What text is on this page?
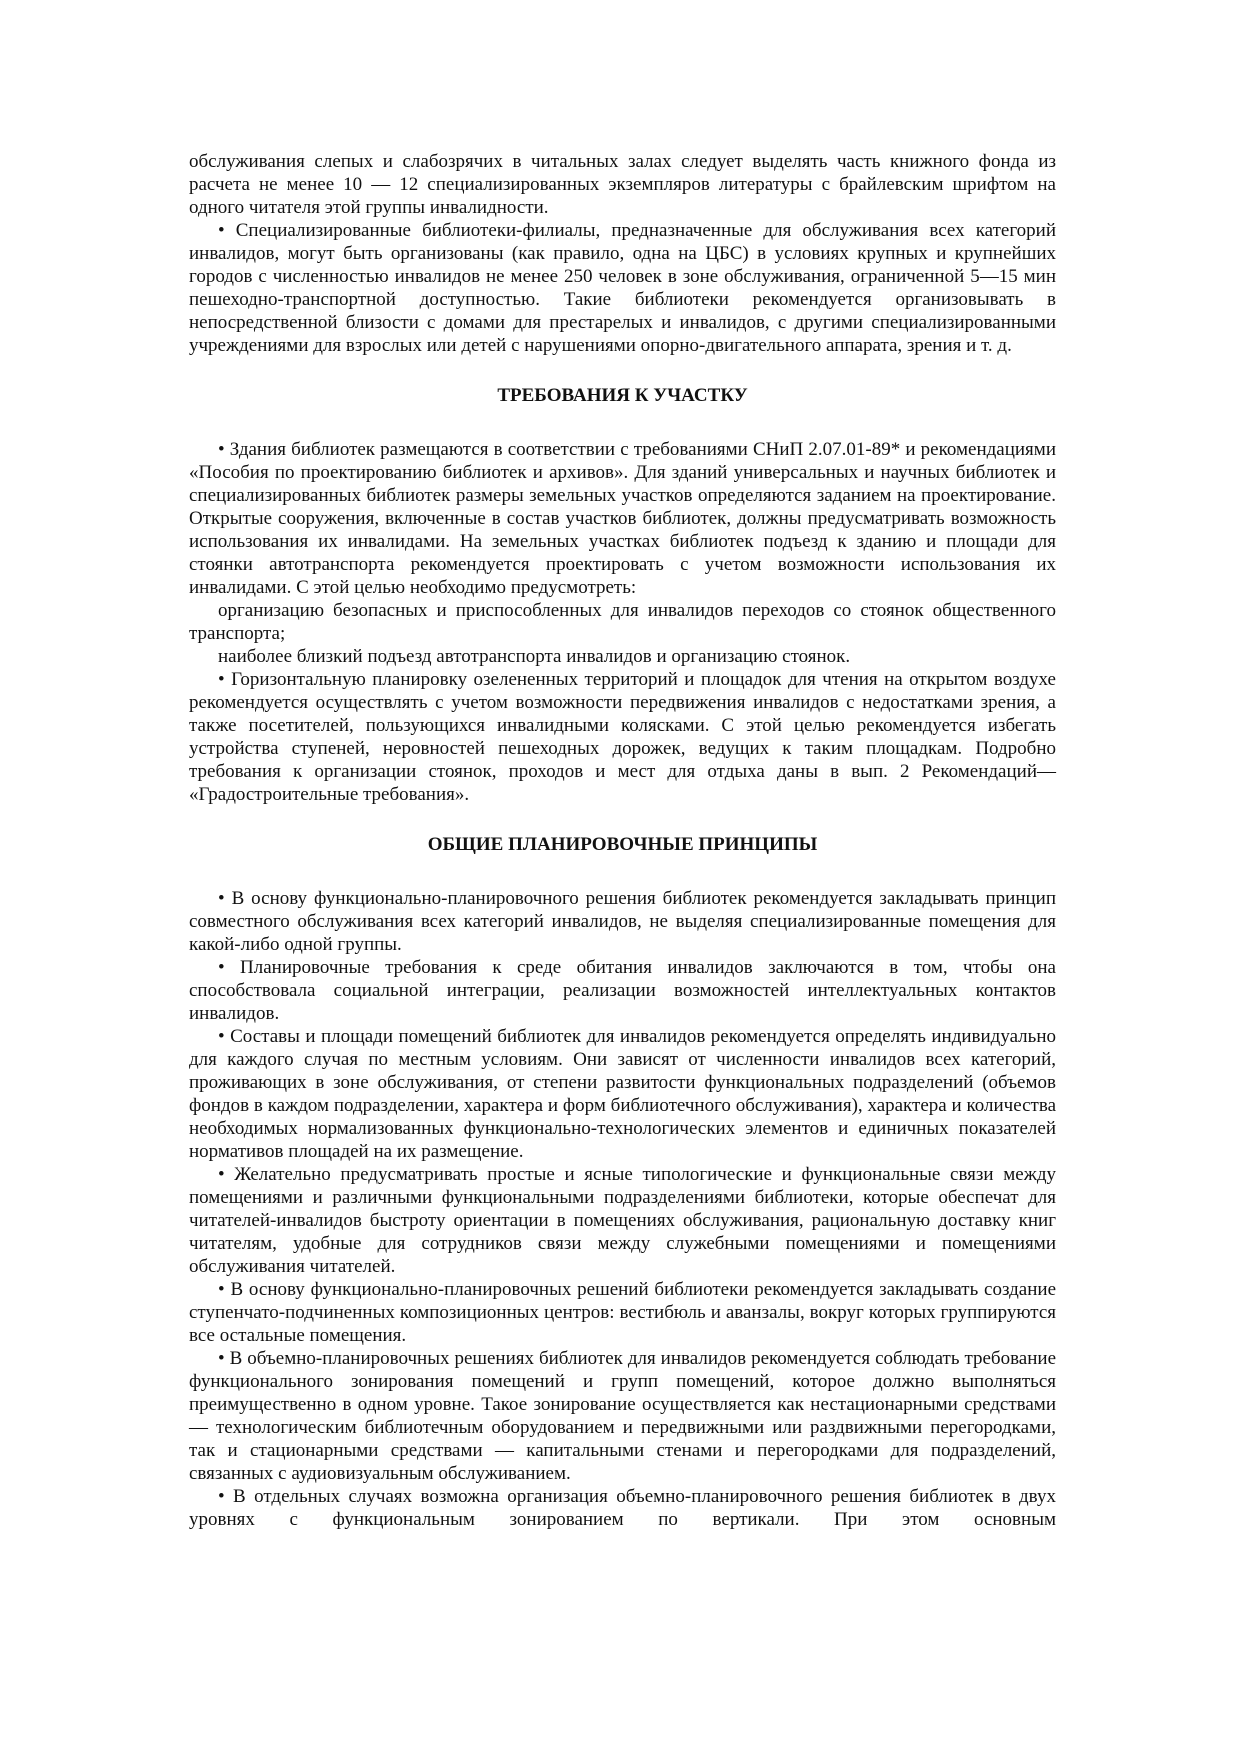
обслуживания слепых и слабозрячих в читальных залах следует выделять часть книжного фонда из расчета не менее 10 — 12 специализированных экземпляров литературы с брайлевским шрифтом на одного читателя этой группы инвалидности.

• Специализированные библиотеки-филиалы, предназначенные для обслуживания всех категорий инвалидов, могут быть организованы (как правило, одна на ЦБС) в условиях крупных и крупнейших городов с численностью инвалидов не менее 250 человек в зоне обслуживания, ограниченной 5—15 мин пешеходно-транспортной доступностью. Такие библиотеки рекомендуется организовывать в непосредственной близости с домами для престарелых и инвалидов, с другими специализированными учреждениями для взрослых или детей с нарушениями опорно-двигательного аппарата, зрения и т. д.

ТРЕБОВАНИЯ К УЧАСТКУ

• Здания библиотек размещаются в соответствии с требованиями СНиП 2.07.01-89* и рекомендациями «Пособия по проектированию библиотек и архивов». Для зданий универсальных и научных библиотек и специализированных библиотек размеры земельных участков определяются заданием на проектирование. Открытые сооружения, включенные в состав участков библиотек, должны предусматривать возможность использования их инвалидами. На земельных участках библиотек подъезд к зданию и площади для стоянки автотранспорта рекомендуется проектировать с учетом возможности использования их инвалидами. С этой целью необходимо предусмотреть:

организацию безопасных и приспособленных для инвалидов переходов со стоянок общественного транспорта;

наиболее близкий подъезд автотранспорта инвалидов и организацию стоянок.

• Горизонтальную планировку озелененных территорий и площадок для чтения на открытом воздухе рекомендуется осуществлять с учетом возможности передвижения инвалидов с недостатками зрения, а также посетителей, пользующихся инвалидными колясками. С этой целью рекомендуется избегать устройства ступеней, неровностей пешеходных дорожек, ведущих к таким площадкам. Подробно требования к организации стоянок, проходов и мест для отдыха даны в вып. 2 Рекомендаций— «Градостроительные требования».

ОБЩИЕ ПЛАНИРОВОЧНЫЕ ПРИНЦИПЫ

• В основу функционально-планировочного решения библиотек рекомендуется закладывать принцип совместного обслуживания всех категорий инвалидов, не выделяя специализированные помещения для какой-либо одной группы.

• Планировочные требования к среде обитания инвалидов заключаются в том, чтобы она способствовала социальной интеграции, реализации возможностей интеллектуальных контактов инвалидов.

• Составы и площади помещений библиотек для инвалидов рекомендуется определять индивидуально для каждого случая по местным условиям. Они зависят от численности инвалидов всех категорий, проживающих в зоне обслуживания, от степени развитости функциональных подразделений (объемов фондов в каждом подразделении, характера и форм библиотечного обслуживания), характера и количества необходимых нормализованных функционально-технологических элементов и единичных показателей нормативов площадей на их размещение.

• Желательно предусматривать простые и ясные типологические и функциональные связи между помещениями и различными функциональными подразделениями библиотеки, которые обеспечат для читателей-инвалидов быстроту ориентации в помещениях обслуживания, рациональную доставку книг читателям, удобные для сотрудников связи между служебными помещениями и помещениями обслуживания читателей.

• В основу функционально-планировочных решений библиотеки рекомендуется закладывать создание ступенчато-подчиненных композиционных центров: вестибюль и аванзалы, вокруг которых группируются все остальные помещения.

• В объемно-планировочных решениях библиотек для инвалидов рекомендуется соблюдать требование функционального зонирования помещений и групп помещений, которое должно выполняться преимущественно в одном уровне. Такое зонирование осуществляется как нестационарными средствами — технологическим библиотечным оборудованием и передвижными или раздвижными перегородками, так и стационарными средствами — капитальными стенами и перегородками для подразделений, связанных с аудиовизуальным обслуживанием.

• В отдельных случаях возможна организация объемно-планировочного решения библиотек в двух уровнях с функциональным зонированием по вертикали. При этом основным
